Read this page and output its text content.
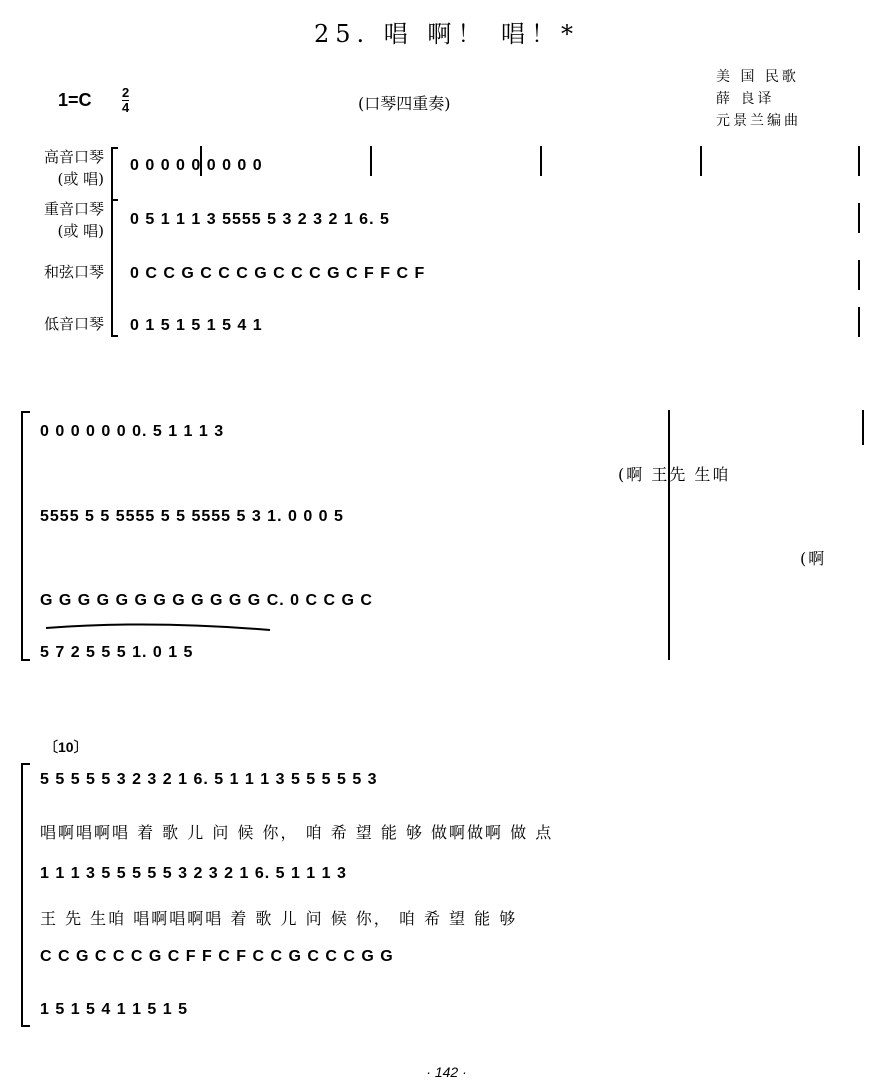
25. 唱 啊！ 唱！*
$1=C \frac{2}{4}$	(口琴四重奏)
美 国 民歌
薛 良译
元景兰编曲
高音口琴
(或 唱)
重音口琴
(或 唱)
和弦口琴
低音口琴
0 0 0 0 0 0 0 0 0
0 5 1 1 1 3 5555 5 3 2 3 2 1 6. 5
0 C C G C C C G C C C G C F F C F
0 1 5 1 5 1 5 4 1
0 0 0 0 0 0 0. 5 1 1 1 3
(啊 王先 生咱
5555 5 5 5555 5 5 5555 5 3 1. 0 0 0 5
(啊
G G G G G G G G G G G G C. 0 C C G C
5 7 2 5 5 5 1. 0 1 5
〔10〕
5 5 5 5 5 3 2 3 2 1 6. 5 1 1 1 3 5 5 5 5 5 3
唱啊唱啊唱 着 歌 儿 问 候 你， 咱 希 望 能 够 做啊做啊 做 点
1 1 1 3 5 5 5 5 5 3 2 3 2 1 6. 5 1 1 1 3
王 先 生咱 唱啊唱啊唱 着 歌 儿 问 候 你， 咱 希 望 能 够
C C G C C C G C F F C F C C G C C C G G
1 5 1 5 4 1 1 5 1 5
· 142 ·
